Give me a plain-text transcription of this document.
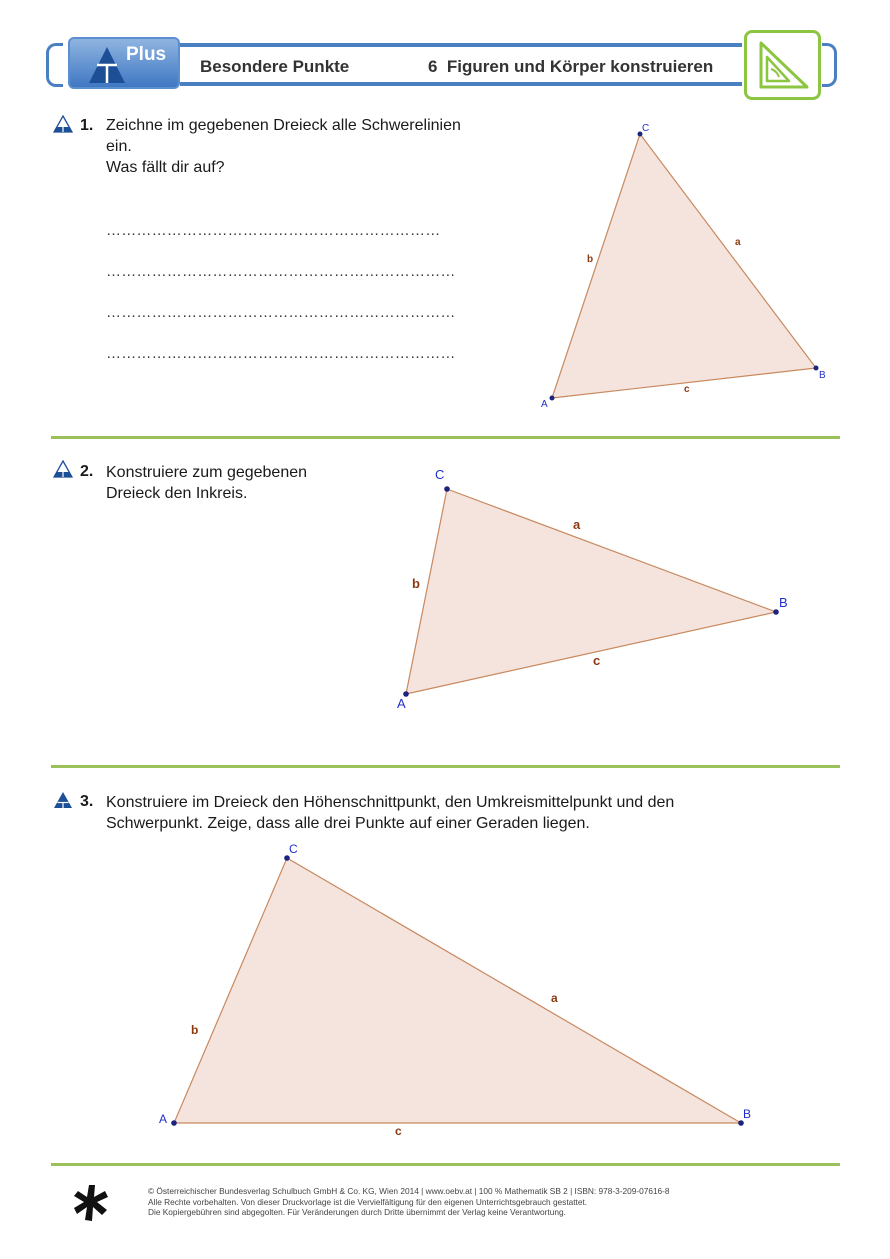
Plus
Besondere Punkte	6  Figuren und Körper konstruieren
1. Zeichne im gegebenen Dreieck alle Schwerelinien
ein.
Was fällt dir auf?
…………………………………………………………
……………………………………………………………
……………………………………………………………
……………………………………………………………
A
B
C
a
b
c
2. Konstruiere zum gegebenen
Dreieck den Inkreis.
A
B
C
a
b
c
3. Konstruiere im Dreieck den Höhenschnittpunkt, den Umkreismittelpunkt und den
Schwerpunkt. Zeige, dass alle drei Punkte auf einer Geraden liegen.
A	B
C
a
b
c
© Österreichischer Bundesverlag Schulbuch GmbH & Co. KG, Wien 2014 | www.oebv.at | 100 % Mathematik SB 2 | ISBN: 978-3-209-07616-8
Alle Rechte vorbehalten. Von dieser Druckvorlage ist die Vervielfältigung für den eigenen Unterrichtsgebrauch gestattet.
Die Kopiergebühren sind abgegolten. Für Veränderungen durch Dritte übernimmt der Verlag keine Verantwortung.
